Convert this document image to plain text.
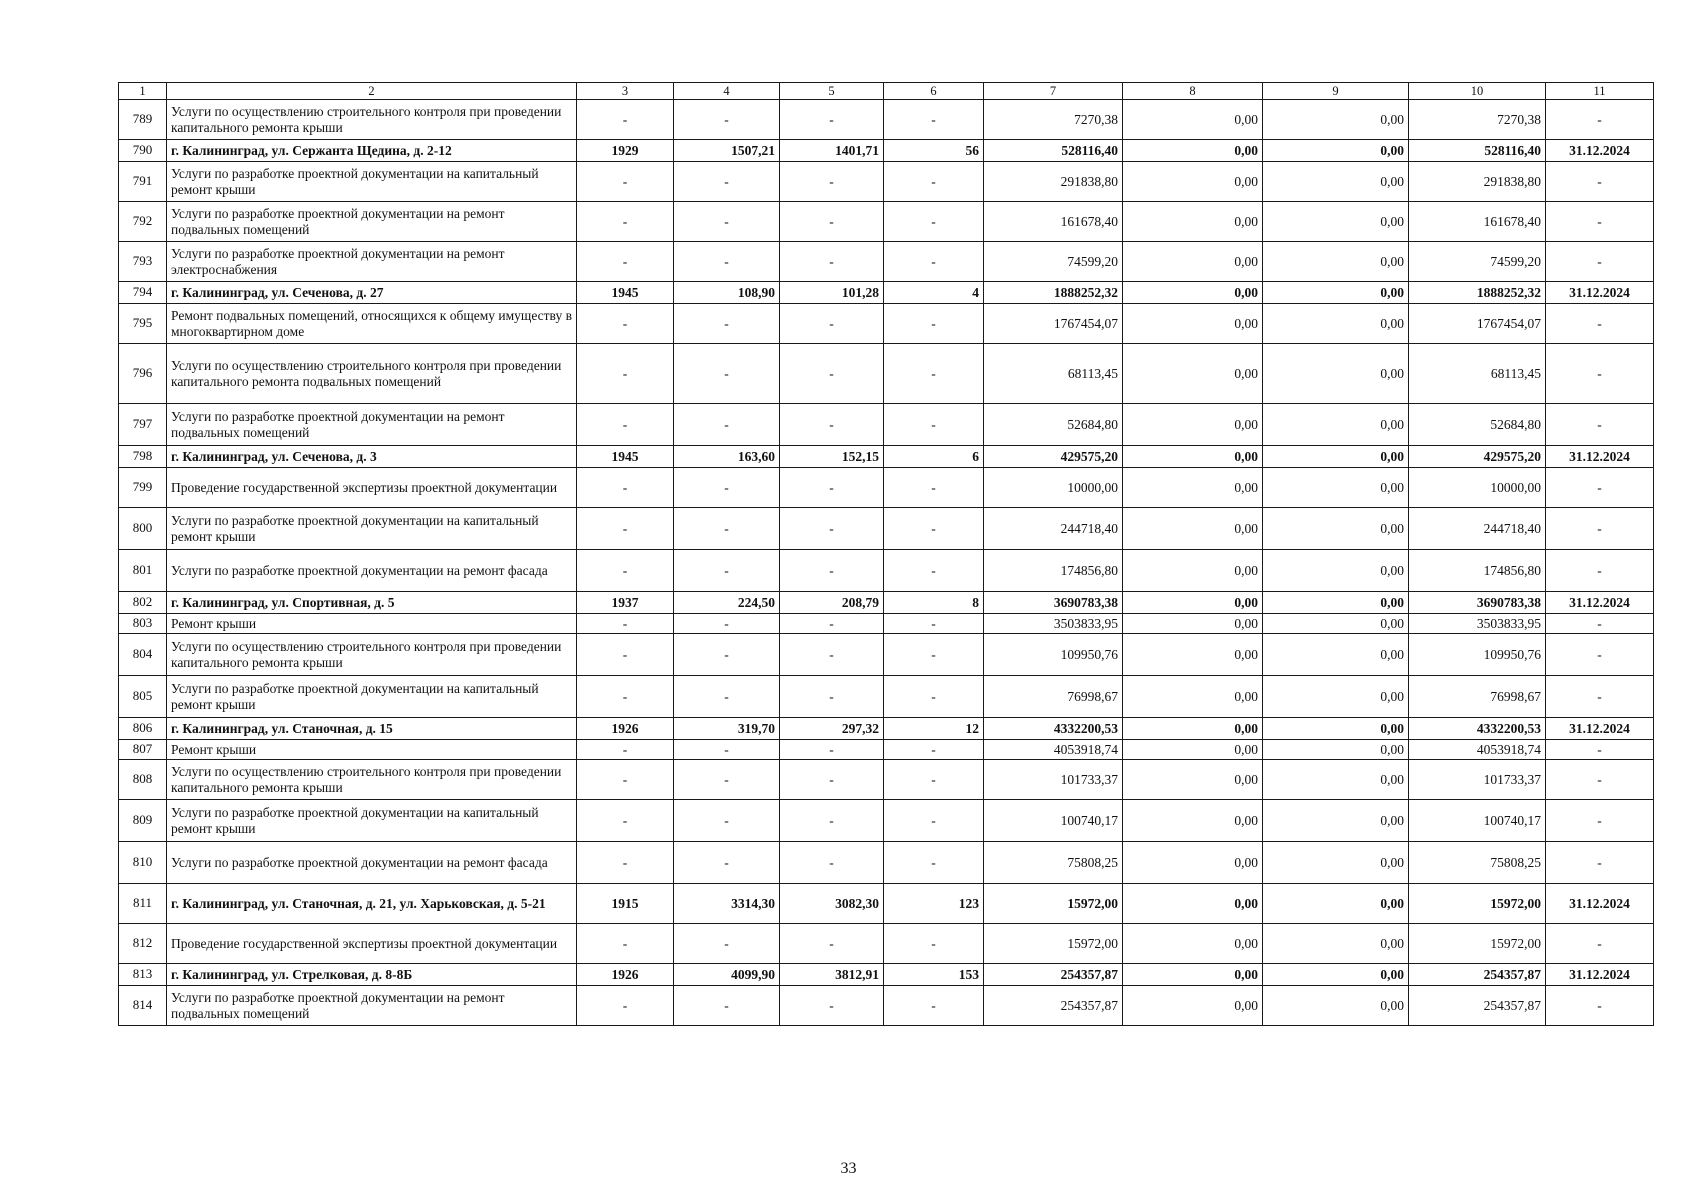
1	2	3	4	5	6	7	8	9	10	11
789	Услуги по осуществлению строительного контроля при проведении капитального ремонта крыши	-	-	-	-	7270,38	0,00	0,00	7270,38	-
790	г. Калининград, ул. Сержанта Щедина, д. 2-12	1929	1507,21	1401,71	56	528116,40	0,00	0,00	528116,40	31.12.2024
791	Услуги по разработке проектной документации на капитальный ремонт крыши	-	-	-	-	291838,80	0,00	0,00	291838,80	-
792	Услуги по разработке проектной документации на ремонт подвальных помещений	-	-	-	-	161678,40	0,00	0,00	161678,40	-
793	Услуги по разработке проектной документации на ремонт электроснабжения	-	-	-	-	74599,20	0,00	0,00	74599,20	-
794	г. Калининград, ул. Сеченова, д. 27	1945	108,90	101,28	4	1888252,32	0,00	0,00	1888252,32	31.12.2024
795	Ремонт подвальных помещений, относящихся к общему имуществу в многоквартирном доме	-	-	-	-	1767454,07	0,00	0,00	1767454,07	-
796	Услуги по осуществлению строительного контроля при проведении капитального ремонта подвальных помещений	-	-	-	-	68113,45	0,00	0,00	68113,45	-
797	Услуги по разработке проектной документации на ремонт подвальных помещений	-	-	-	-	52684,80	0,00	0,00	52684,80	-
798	г. Калининград, ул. Сеченова, д. 3	1945	163,60	152,15	6	429575,20	0,00	0,00	429575,20	31.12.2024
799	Проведение государственной экспертизы проектной документации	-	-	-	-	10000,00	0,00	0,00	10000,00	-
800	Услуги по разработке проектной документации на капитальный ремонт крыши	-	-	-	-	244718,40	0,00	0,00	244718,40	-
801	Услуги по разработке проектной документации на ремонт фасада	-	-	-	-	174856,80	0,00	0,00	174856,80	-
802	г. Калининград, ул. Спортивная, д. 5	1937	224,50	208,79	8	3690783,38	0,00	0,00	3690783,38	31.12.2024
803	Ремонт крыши	-	-	-	-	3503833,95	0,00	0,00	3503833,95	-
804	Услуги по осуществлению строительного контроля при проведении капитального ремонта крыши	-	-	-	-	109950,76	0,00	0,00	109950,76	-
805	Услуги по разработке проектной документации на капитальный ремонт крыши	-	-	-	-	76998,67	0,00	0,00	76998,67	-
806	г. Калининград, ул. Станочная, д. 15	1926	319,70	297,32	12	4332200,53	0,00	0,00	4332200,53	31.12.2024
807	Ремонт крыши	-	-	-	-	4053918,74	0,00	0,00	4053918,74	-
808	Услуги по осуществлению строительного контроля при проведении капитального ремонта крыши	-	-	-	-	101733,37	0,00	0,00	101733,37	-
809	Услуги по разработке проектной документации на капитальный ремонт крыши	-	-	-	-	100740,17	0,00	0,00	100740,17	-
810	Услуги по разработке проектной документации на ремонт фасада	-	-	-	-	75808,25	0,00	0,00	75808,25	-
811	г. Калининград, ул. Станочная, д. 21, ул. Харьковская, д. 5-21	1915	3314,30	3082,30	123	15972,00	0,00	0,00	15972,00	31.12.2024
812	Проведение государственной экспертизы проектной документации	-	-	-	-	15972,00	0,00	0,00	15972,00	-
813	г. Калининград, ул. Стрелковая, д. 8-8Б	1926	4099,90	3812,91	153	254357,87	0,00	0,00	254357,87	31.12.2024
814	Услуги по разработке проектной документации на ремонт подвальных помещений	-	-	-	-	254357,87	0,00	0,00	254357,87	-
33
